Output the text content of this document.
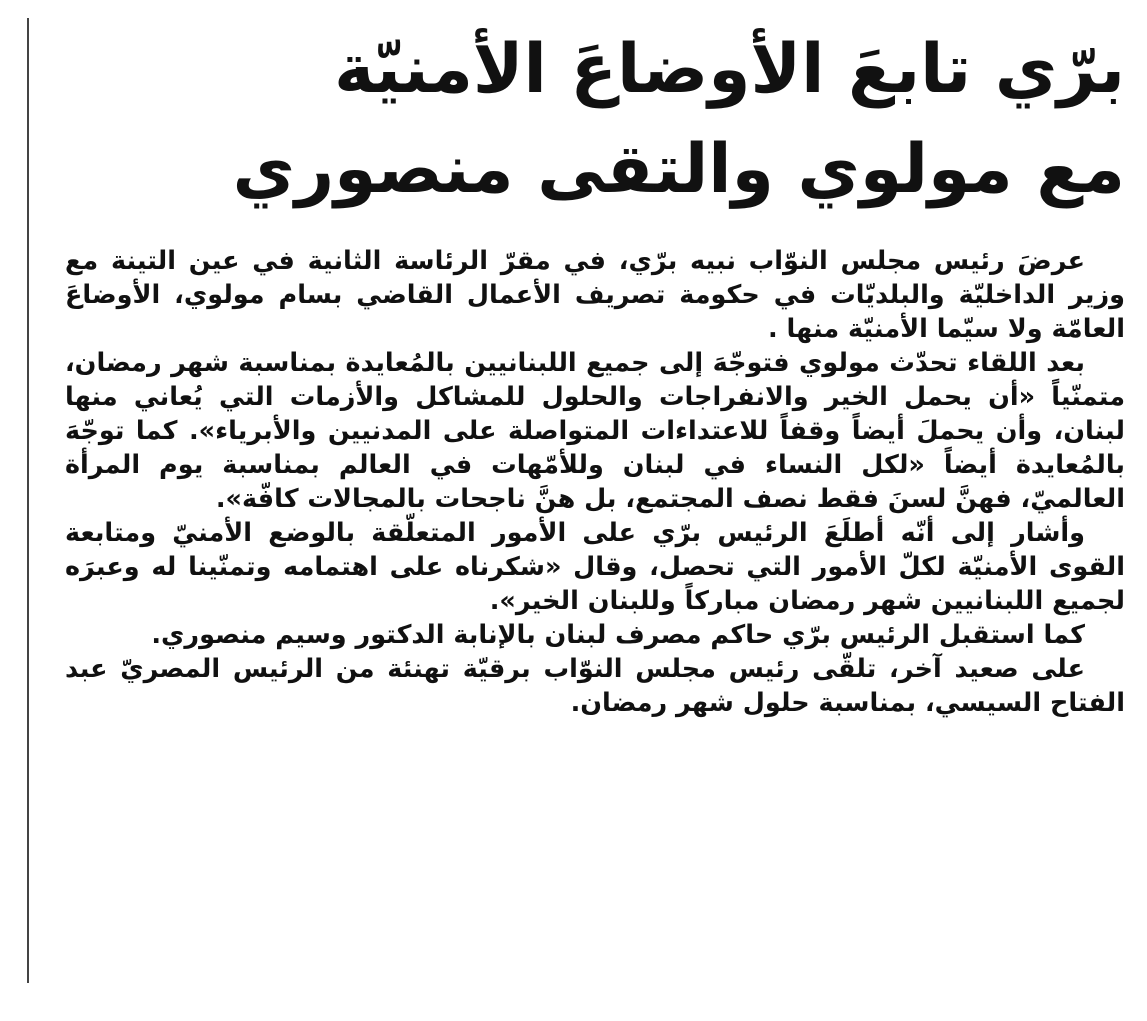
برّي تابعَ الأوضاعَ الأمنيّة
مع مولوي والتقى منصوري

عرضَ رئيس مجلس النوّاب نبيه برّي، في مقرّ الرئاسة الثانية في عين التينة مع وزير الداخليّة والبلديّات في حكومة تصريف الأعمال القاضي بسام مولوي، الأوضاعَ العامّة ولا سيّما الأمنيّة منها .

بعد اللقاء تحدّث مولوي فتوجّهَ إلى جميع اللبنانيين بالمُعايدة بمناسبة شهر رمضان، متمنّياً «أن يحمل الخير والانفراجات والحلول للمشاكل والأزمات التي يُعاني منها لبنان، وأن يحملَ أيضاً وقفاً للاعتداءات المتواصلة على المدنيين والأبرياء». كما توجّهَ بالمُعايدة أيضاً «لكل النساء في لبنان وللأمّهات في العالم بمناسبة يوم المرأة العالميّ، فهنَّ لسنَ فقط نصف المجتمع، بل هنَّ ناجحات بالمجالات كافّة».

وأشار إلى أنّه أطلَعَ الرئيس برّي على الأمور المتعلّقة بالوضع الأمنيّ ومتابعة القوى الأمنيّة لكلّ الأمور التي تحصل، وقال «شكرناه على اهتمامه وتمنّينا له وعبرَه لجميع اللبنانيين شهر رمضان مباركاً وللبنان الخير».

كما استقبل الرئيس برّي حاكم مصرف لبنان بالإنابة الدكتور وسيم منصوري.

على صعيد آخر، تلقّى رئيس مجلس النوّاب برقيّة تهنئة من الرئيس المصريّ عبد الفتاح السيسي، بمناسبة حلول شهر رمضان.
